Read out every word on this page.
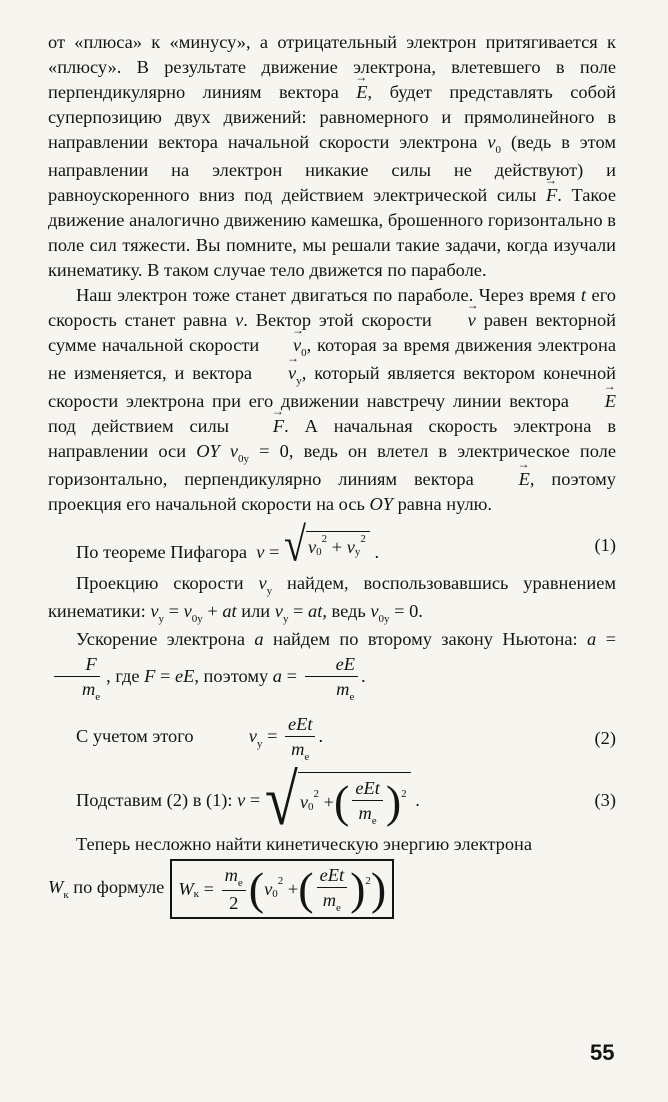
от «плюса» к «минусу», а отрицательный электрон притягивается к «плюсу». В результате движение электрона, влетевшего в поле перпендикулярно линиям вектора → E, будет представлять собой суперпозицию двух движений: равномерного и прямолинейного в направлении вектора начальной скорости электрона $v_0$ (ведь в этом направлении на электрон никакие силы не действуют) и равноускоренного вниз под действием электрической силы → F. Такое движение аналогично движению камешка, брошенного горизонтально в поле сил тяжести. Вы помните, мы решали такие задачи, когда изучали кинематику. В таком случае тело движется по параболе.

Наш электрон тоже станет двигаться по параболе. Через время t его скорость станет равна v. Вектор этой скорости → v равен векторной сумме начальной скорости → $v_0$, которая за время движения электрона не изменяется, и вектора → $v_y$, который является вектором конечной скорости электрона при его движении навстречу линии вектора → E под действием силы → F. А начальная скорость электрона в направлении оси OY $v_{0y} = 0$, ведь он влетел в электрическое поле горизонтально, перпендикулярно линиям вектора → E, поэтому проекция его начальной скорости на ось OY равна нулю.

По теореме Пифагора v = √ v 0
2 + v y
2
.	(1)

Проекцию скорости $v_y$ найдем, воспользовавшись уравнением кинематики: $v_y = v_{0y}$ + at или $v_y$ = at, ведь $v_{0y} = 0$.

Ускорение электрона a найдем по второму закону Ньютона: a =
$\frac{F}{m_e}$ , где F = eE, поэтому $a = \frac{eE}{m_e}$ .

С учетом этого   	$v_y = \frac{\text{eEt}}{m_e}$ .	(2)
Подставим (2) в (1):
v = √ v 0
2 + ( $\frac{\text{eEt}}{m_e}$ ) 2 .	(3)

Теперь несложно найти кинетическую энергию электрона

$W_к$ по формуле W $к = \frac{m_e}{2}$ ( v 0
2 + ( $\frac{\text{eEt}}{m_e}$ ) 2 )
55
